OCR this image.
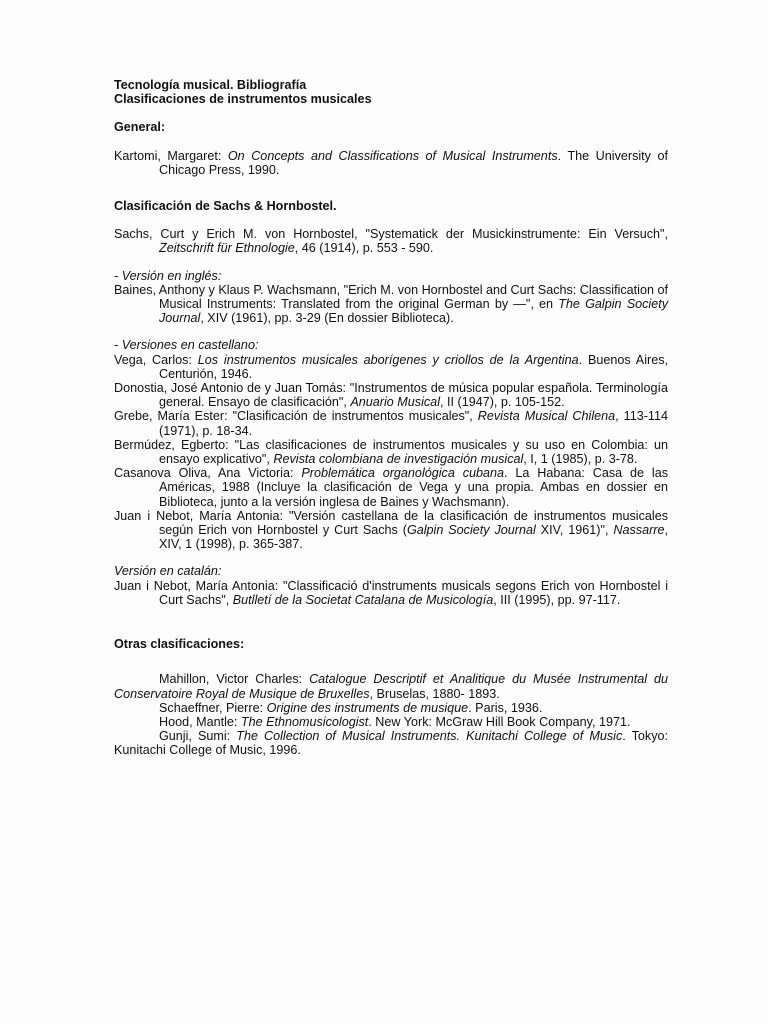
Tecnología musical. Bibliografía
Clasificaciones de instrumentos musicales
General:
Kartomi, Margaret: On Concepts and Classifications of Musical Instruments. The University of Chicago Press, 1990.
Clasificación de Sachs & Hornbostel.
Sachs, Curt y Erich M. von Hornbostel, "Systematick der Musickinstrumente: Ein Versuch", Zeitschrift für Ethnologie, 46 (1914), p. 553 - 590.
- Versión en inglés:
Baines, Anthony y Klaus P. Wachsmann, "Erich M. von Hornbostel and Curt Sachs: Classification of Musical Instruments: Translated from the original German by —", en The Galpin Society Journal, XIV (1961), pp. 3-29 (En dossier Biblioteca).
- Versiones en castellano:
Vega, Carlos: Los instrumentos musicales aborígenes y criollos de la Argentina. Buenos Aires, Centurión, 1946.
Donostia, José Antonio de y Juan Tomás: "Instrumentos de música popular española. Terminología general. Ensayo de clasificación", Anuario Musical, II (1947), p. 105-152.
Grebe, María Ester: "Clasificación de instrumentos musicales", Revista Musical Chilena, 113-114 (1971), p. 18-34.
Bermúdez, Egberto: "Las clasificaciones de instrumentos musicales y su uso en Colombia: un ensayo explicativo", Revista colombiana de investigación musical, I, 1 (1985), p. 3-78.
Casanova Oliva, Ana Victoria: Problemática organológica cubana. La Habana: Casa de las Américas, 1988 (Incluye la clasificación de Vega y una propia. Ambas en dossier en Biblioteca, junto a la versión inglesa de Baines y Wachsmann).
Juan i Nebot, María Antonia: "Versión castellana de la clasificación de instrumentos musicales según Erich von Hornbostel y Curt Sachs (Galpin Society Journal XIV, 1961)", Nassarre, XIV, 1 (1998), p. 365-387.
Versión en catalán:
Juan i Nebot, María Antonia: "Classificació d'instruments musicals segons Erich von Hornbostel i Curt Sachs", Butlletí de la Societat Catalana de Musicología, III (1995), pp. 97-117.
Otras clasificaciones:
Mahillon, Victor Charles: Catalogue Descriptif et Analitique du Musée Instrumental du Conservatoire Royal de Musique de Bruxelles, Bruselas, 1880- 1893.
Schaeffner, Pierre: Origine des instruments de musique. Paris, 1936.
Hood, Mantle: The Ethnomusicologist. New York: McGraw Hill Book Company, 1971.
Gunji, Sumi: The Collection of Musical Instruments. Kunitachi College of Music. Tokyo: Kunitachi College of Music, 1996.
